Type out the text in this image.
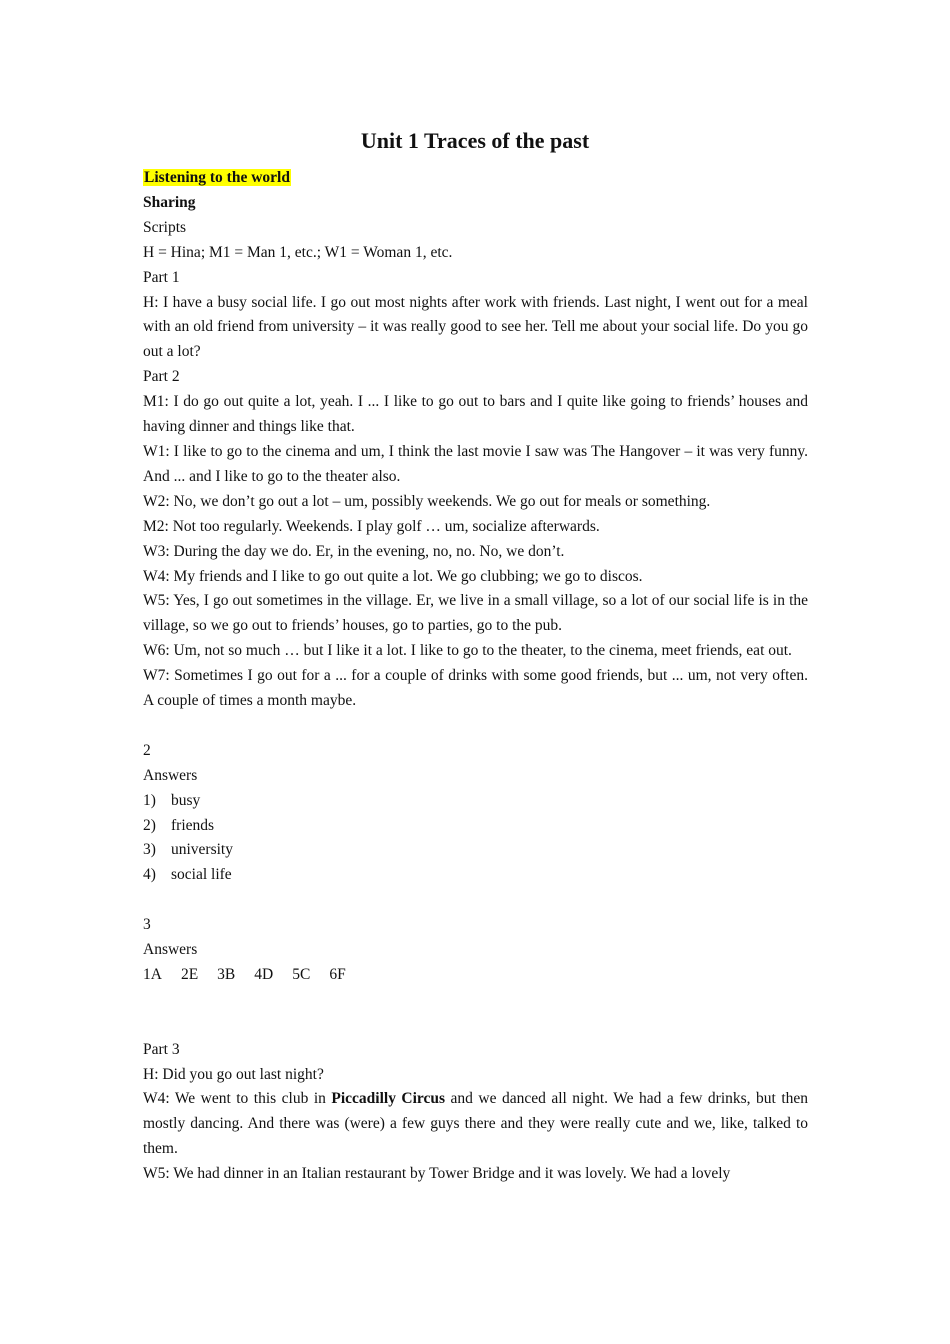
Unit 1 Traces of the past
Listening to the world
Sharing
Scripts
H = Hina; M1 = Man 1, etc.; W1 = Woman 1, etc.
Part 1
H: I have a busy social life. I go out most nights after work with friends. Last night, I went out for a meal with an old friend from university – it was really good to see her. Tell me about your social life. Do you go out a lot?
Part 2
M1: I do go out quite a lot, yeah. I ... I like to go out to bars and I quite like going to friends’ houses and having dinner and things like that.
W1: I like to go to the cinema and um, I think the last movie I saw was The Hangover – it was very funny. And ... and I like to go to the theater also.
W2: No, we don’t go out a lot – um, possibly weekends. We go out for meals or something.
M2: Not too regularly. Weekends. I play golf … um, socialize afterwards.
W3: During the day we do. Er, in the evening, no, no. No, we don’t.
W4: My friends and I like to go out quite a lot. We go clubbing; we go to discos.
W5: Yes, I go out sometimes in the village. Er, we live in a small village, so a lot of our social life is in the village, so we go out to friends’ houses, go to parties, go to the pub.
W6: Um, not so much … but I like it a lot. I like to go to the theater, to the cinema, meet friends, eat out.
W7: Sometimes I go out for a ... for a couple of drinks with some good friends, but ... um, not very often. A couple of times a month maybe.
2
Answers
1) busy
2) friends
3) university
4) social life
3
Answers
1A 2E 3B 4D 5C 6F
Part 3
H: Did you go out last night?
W4: We went to this club in Piccadilly Circus and we danced all night. We had a few drinks, but then mostly dancing. And there was (were) a few guys there and they were really cute and we, like, talked to them.
W5: We had dinner in an Italian restaurant by Tower Bridge and it was lovely. We had a lovely
